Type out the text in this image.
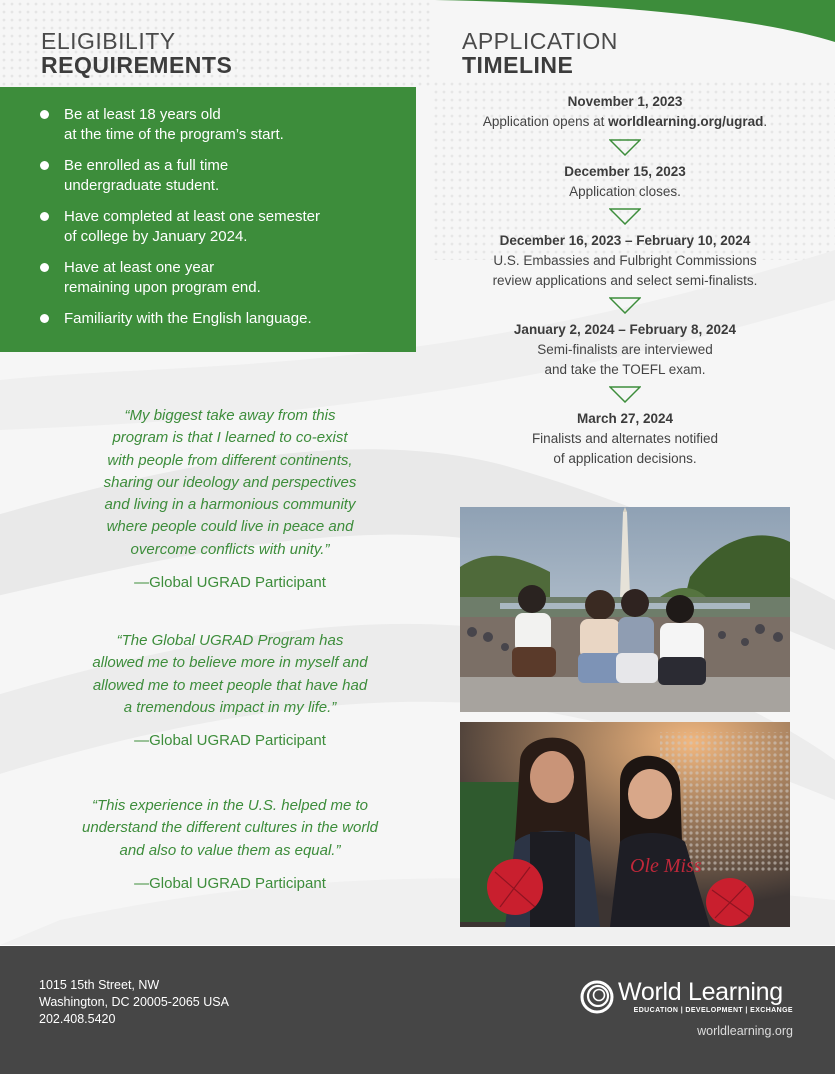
ELIGIBILITY
REQUIREMENTS
Be at least 18 years old
at the time of the program’s start.
Be enrolled as a full time
undergraduate student.
Have completed at least one semester
of college by January 2024.
Have at least one year
remaining upon program end.
Familiarity with the English language.
“My biggest take away from this
program is that I learned to co-exist
with people from different continents,
sharing our ideology and perspectives
and living in a harmonious community
where people could live in peace and
overcome conflicts with unity.”
—Global UGRAD Participant
“The Global UGRAD Program has
allowed me to believe more in myself and
allowed me to meet people that have had
a tremendous impact in my life.”
—Global UGRAD Participant
“This experience in the U.S. helped me to
understand the different cultures in the world
and also to value them as equal.”
—Global UGRAD Participant
APPLICATION
TIMELINE
November 1, 2023
Application opens at worldlearning.org/ugrad.
December 15, 2023
Application closes.
December 16, 2023 – February 10, 2024
U.S. Embassies and Fulbright Commissions
review applications and select semi-finalists.
January 2, 2024 – February 8, 2024
Semi-finalists are interviewed
and take the TOEFL exam.
March 27, 2024
Finalists and alternates notified
of application decisions.
Ole Miss
1015 15th Street, NW
Washington, DC 20005-2065 USA
202.408.5420
World Learning
EDUCATION | DEVELOPMENT | EXCHANGE
worldlearning.org
